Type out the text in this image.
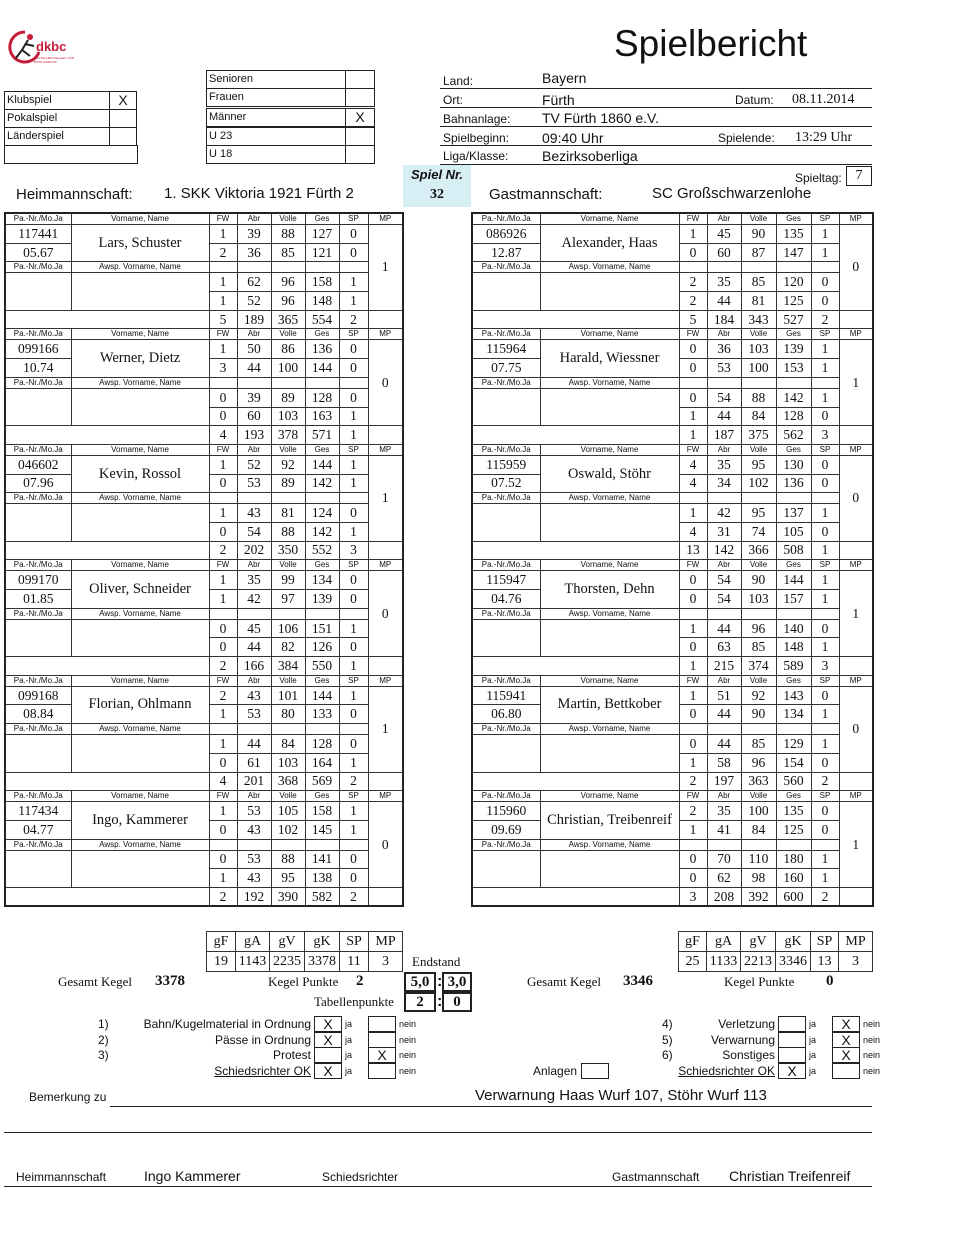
dkbc
DEUTSCHER KEGLER- UND BOWLINGBUND	Spielbericht
Klubspiel	X
Pokalspiel
Länderspiel
Senioren
Frauen
Männer	X
U 23
U 18
Land:	Bayern
Ort:	Fürth	Datum: 08.11.2014
Bahnanlage: TV Fürth 1860 e.V.
Spielbeginn: 09:40 Uhr	Spielende: 13:29 Uhr
Liga/Klasse: Bezirksoberliga
Spiel Nr.
32
Spieltag: 7
Heimmannschaft: 1. SKK Viktoria 1921 Fürth 2	Gastmannschaft:	SC Großschwarzenlohe
Pa.-Nr./Mo.Ja	Vorname, Name	FW	Abr	Volle	Ges	SP	MP
117441	Lars, Schuster	1	39	88	127	0	1
05.67		2	36	85	121	0	
Pa.-Nr./Mo.Ja	Awsp. Vorname, Name						
		1	62	96	158	1	
		1	52	96	148	1	
		5	189	365	554	2	
Pa.-Nr./Mo.Ja	Vorname, Name	FW	Abr	Volle	Ges	SP	MP
099166	Werner, Dietz	1	50	86	136	0	0
10.74		3	44	100	144	0	
Pa.-Nr./Mo.Ja	Awsp. Vorname, Name						
		0	39	89	128	0	
		0	60	103	163	1	
		4	193	378	571	1	
Pa.-Nr./Mo.Ja	Vorname, Name	FW	Abr	Volle	Ges	SP	MP
046602	Kevin, Rossol	1	52	92	144	1	1
07.96		0	53	89	142	1	
Pa.-Nr./Mo.Ja	Awsp. Vorname, Name						
		1	43	81	124	0	
		0	54	88	142	1	
		2	202	350	552	3	
Pa.-Nr./Mo.Ja	Vorname, Name	FW	Abr	Volle	Ges	SP	MP
099170	Oliver, Schneider	1	35	99	134	0	0
01.85		1	42	97	139	0	
Pa.-Nr./Mo.Ja	Awsp. Vorname, Name						
		0	45	106	151	1	
		0	44	82	126	0	
		2	166	384	550	1	
Pa.-Nr./Mo.Ja	Vorname, Name	FW	Abr	Volle	Ges	SP	MP
099168	Florian, Ohlmann	2	43	101	144	1	1
08.84		1	53	80	133	0	
Pa.-Nr./Mo.Ja	Awsp. Vorname, Name						
		1	44	84	128	0	
		0	61	103	164	1	
		4	201	368	569	2	
Pa.-Nr./Mo.Ja	Vorname, Name	FW	Abr	Volle	Ges	SP	MP
117434	Ingo, Kammerer	1	53	105	158	1	0
04.77		0	43	102	145	1	
Pa.-Nr./Mo.Ja	Awsp. Vorname, Name						
		0	53	88	141	0	
		1	43	95	138	0	
		2	192	390	582	2	
Pa.-Nr./Mo.Ja	Vorname, Name	FW	Abr	Volle	Ges	SP	MP
086926	Alexander, Haas	1	45	90	135	1	0
12.87		0	60	87	147	1	
Pa.-Nr./Mo.Ja	Awsp. Vorname, Name						
		2	35	85	120	0	
		2	44	81	125	0	
		5	184	343	527	2	
Pa.-Nr./Mo.Ja	Vorname, Name	FW	Abr	Volle	Ges	SP	MP
115964	Harald, Wiessner	0	36	103	139	1	1
07.75		0	53	100	153	1	
Pa.-Nr./Mo.Ja	Awsp. Vorname, Name						
		0	54	88	142	1	
		1	44	84	128	0	
		1	187	375	562	3	
Pa.-Nr./Mo.Ja	Vorname, Name	FW	Abr	Volle	Ges	SP	MP
115959	Oswald, Stöhr	4	35	95	130	0	0
07.52		4	34	102	136	0	
Pa.-Nr./Mo.Ja	Awsp. Vorname, Name						
		1	42	95	137	1	
		4	31	74	105	0	
		13	142	366	508	1	
Pa.-Nr./Mo.Ja	Vorname, Name	FW	Abr	Volle	Ges	SP	MP
115947	Thorsten, Dehn	0	54	90	144	1	1
04.76		0	54	103	157	1	
Pa.-Nr./Mo.Ja	Awsp. Vorname, Name						
		1	44	96	140	0	
		0	63	85	148	1	
		1	215	374	589	3	
Pa.-Nr./Mo.Ja	Vorname, Name	FW	Abr	Volle	Ges	SP	MP
115941	Martin, Bettkober	1	51	92	143	0	0
06.80		0	44	90	134	1	
Pa.-Nr./Mo.Ja	Awsp. Vorname, Name						
		0	44	85	129	1	
		1	58	96	154	0	
		2	197	363	560	2	
Pa.-Nr./Mo.Ja	Vorname, Name	FW	Abr	Volle	Ges	SP	MP
115960	Christian, Treibenreif	2	35	100	135	0	1
09.69		1	41	84	125	0	
Pa.-Nr./Mo.Ja	Awsp. Vorname, Name						
		0	70	110	180	1	
		0	62	98	160	1	
		3	208	392	600	2	
gF	gA	gV	gK	SP	MP
19	1143	2235	3378	11	3
gF	gA	gV	gK	SP	MP
25	1133	2213	3346	13	3
Gesamt Kegel 3378	Kegel Punkte 2
Endstand
5,0 : 3,0
Tabellenpunkte	2 : 0
Gesamt Kegel 3346	Kegel Punkte 0
1)	Bahn/Kugelmaterial in Ordnung X	ja	nein
2)	Pässe in Ordnung X	ja	nein
3)	Protest	ja	X	nein
Schiedsrichter OK X	ja	nein
4)	Verletzung	ja	X	nein
5)	Verwarnung	ja	X	nein
6)	Sonstiges	ja	X	nein
Schiedsrichter OK X	ja	nein
Anlagen
Bemerkung zu	Verwarnung Haas Wurf 107, Stöhr Wurf 113
Heimmannschaft	Ingo Kammerer	Schiedsrichter	Gastmannschaft Christian Treifenreif
